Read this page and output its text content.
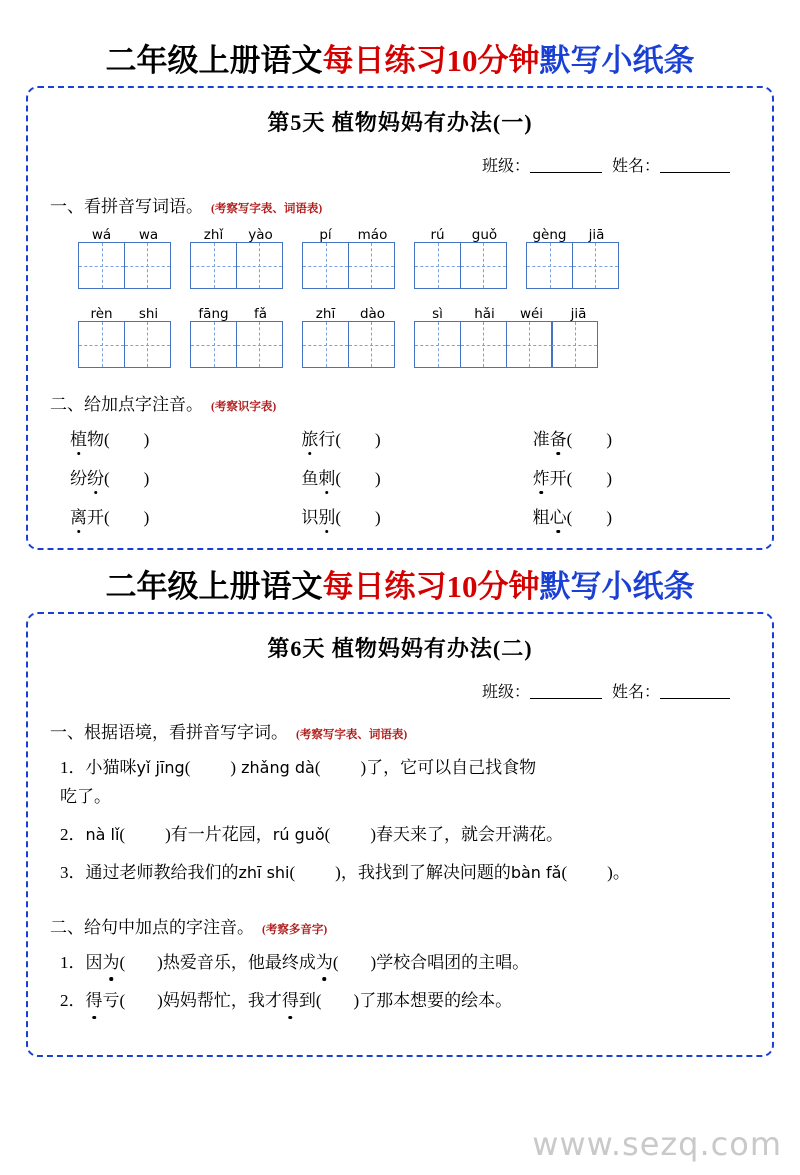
二年级上册语文每日练习10分钟默写小纸条
第5天 植物妈妈有办法(一)
班级：	姓名：
一、看拼音写词语。 (考察写字表、词语表)
wá	wa	zhǐ	yào	pí	máo	rú	guǒ	gèng	jiā
rèn	shi	fāng	fǎ	zhī	dào	sì	hǎi	wéi	jiā
二、给加点字注音。 (考察识字表)
植物( )	旅行( )	准备( )
纷纷( )	鱼刺( )	炸开( )
离开( )	识别( )	粗心( )
二年级上册语文每日练习10分钟默写小纸条
第6天 植物妈妈有办法(二)
班级：	姓名：
一、根据语境，看拼音写字词。 (考察写字表、词语表)
1．小猫咪yǐ jīng( ) zhǎng dà( )了，它可以自己找食物
吃了。
2．nà lǐ( )有一片花园，rú guǒ( )春天来了，就会开满花。
3．通过老师教给我们的zhī shi( )，我找到了解决问题的bàn fǎ( )。
二、给句中加点的字注音。 (考察多音字)
1．因为( )热爱音乐，他最终成为( )学校合唱团的主唱。
2．得亏( )妈妈帮忙，我才得到( )了那本想要的绘本。
www.sezq.com
